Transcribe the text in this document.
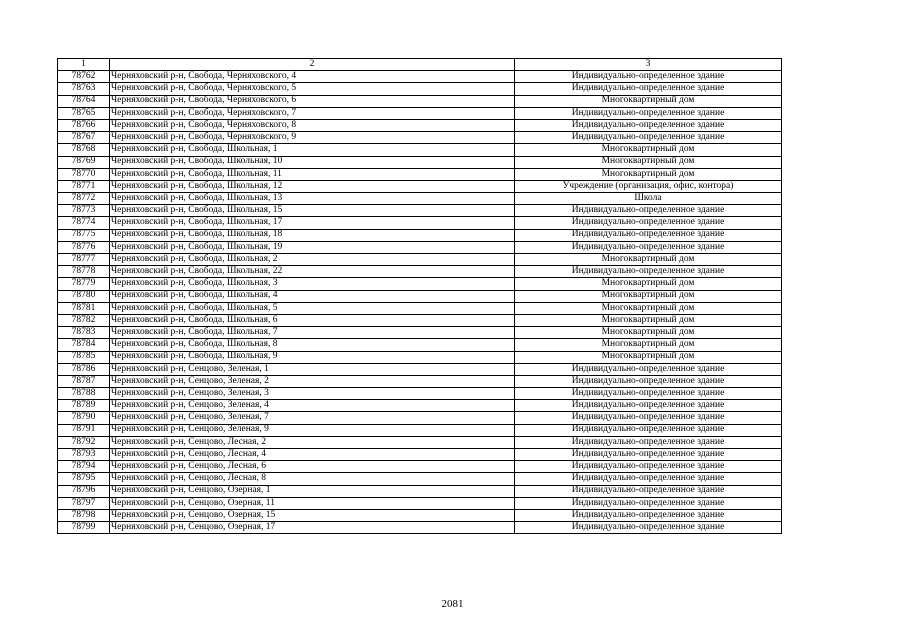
1	2	3
78762	Черняховский р-н, Свобода, Черняховского, 4	Индивидуально-определенное здание
78763	Черняховский р-н, Свобода, Черняховского, 5	Индивидуально-определенное здание
78764	Черняховский р-н, Свобода, Черняховского, 6	Многоквартирный дом
78765	Черняховский р-н, Свобода, Черняховского, 7	Индивидуально-определенное здание
78766	Черняховский р-н, Свобода, Черняховского, 8	Индивидуально-определенное здание
78767	Черняховский р-н, Свобода, Черняховского, 9	Индивидуально-определенное здание
78768	Черняховский р-н, Свобода, Школьная, 1	Многоквартирный дом
78769	Черняховский р-н, Свобода, Школьная, 10	Многоквартирный дом
78770	Черняховский р-н, Свобода, Школьная, 11	Многоквартирный дом
78771	Черняховский р-н, Свобода, Школьная, 12	Учреждение (организация, офис, контора)
78772	Черняховский р-н, Свобода, Школьная, 13	Школа
78773	Черняховский р-н, Свобода, Школьная, 15	Индивидуально-определенное здание
78774	Черняховский р-н, Свобода, Школьная, 17	Индивидуально-определенное здание
78775	Черняховский р-н, Свобода, Школьная, 18	Индивидуально-определенное здание
78776	Черняховский р-н, Свобода, Школьная, 19	Индивидуально-определенное здание
78777	Черняховский р-н, Свобода, Школьная, 2	Многоквартирный дом
78778	Черняховский р-н, Свобода, Школьная, 22	Индивидуально-определенное здание
78779	Черняховский р-н, Свобода, Школьная, 3	Многоквартирный дом
78780	Черняховский р-н, Свобода, Школьная, 4	Многоквартирный дом
78781	Черняховский р-н, Свобода, Школьная, 5	Многоквартирный дом
78782	Черняховский р-н, Свобода, Школьная, 6	Многоквартирный дом
78783	Черняховский р-н, Свобода, Школьная, 7	Многоквартирный дом
78784	Черняховский р-н, Свобода, Школьная, 8	Многоквартирный дом
78785	Черняховский р-н, Свобода, Школьная, 9	Многоквартирный дом
78786	Черняховский р-н, Сенцово, Зеленая, 1	Индивидуально-определенное здание
78787	Черняховский р-н, Сенцово, Зеленая, 2	Индивидуально-определенное здание
78788	Черняховский р-н, Сенцово, Зеленая, 3	Индивидуально-определенное здание
78789	Черняховский р-н, Сенцово, Зеленая, 4	Индивидуально-определенное здание
78790	Черняховский р-н, Сенцово, Зеленая, 7	Индивидуально-определенное здание
78791	Черняховский р-н, Сенцово, Зеленая, 9	Индивидуально-определенное здание
78792	Черняховский р-н, Сенцово, Лесная, 2	Индивидуально-определенное здание
78793	Черняховский р-н, Сенцово, Лесная, 4	Индивидуально-определенное здание
78794	Черняховский р-н, Сенцово, Лесная, 6	Индивидуально-определенное здание
78795	Черняховский р-н, Сенцово, Лесная, 8	Индивидуально-определенное здание
78796	Черняховский р-н, Сенцово, Озерная, 1	Индивидуально-определенное здание
78797	Черняховский р-н, Сенцово, Озерная, 11	Индивидуально-определенное здание
78798	Черняховский р-н, Сенцово, Озерная, 15	Индивидуально-определенное здание
78799	Черняховский р-н, Сенцово, Озерная, 17	Индивидуально-определенное здание
2081
